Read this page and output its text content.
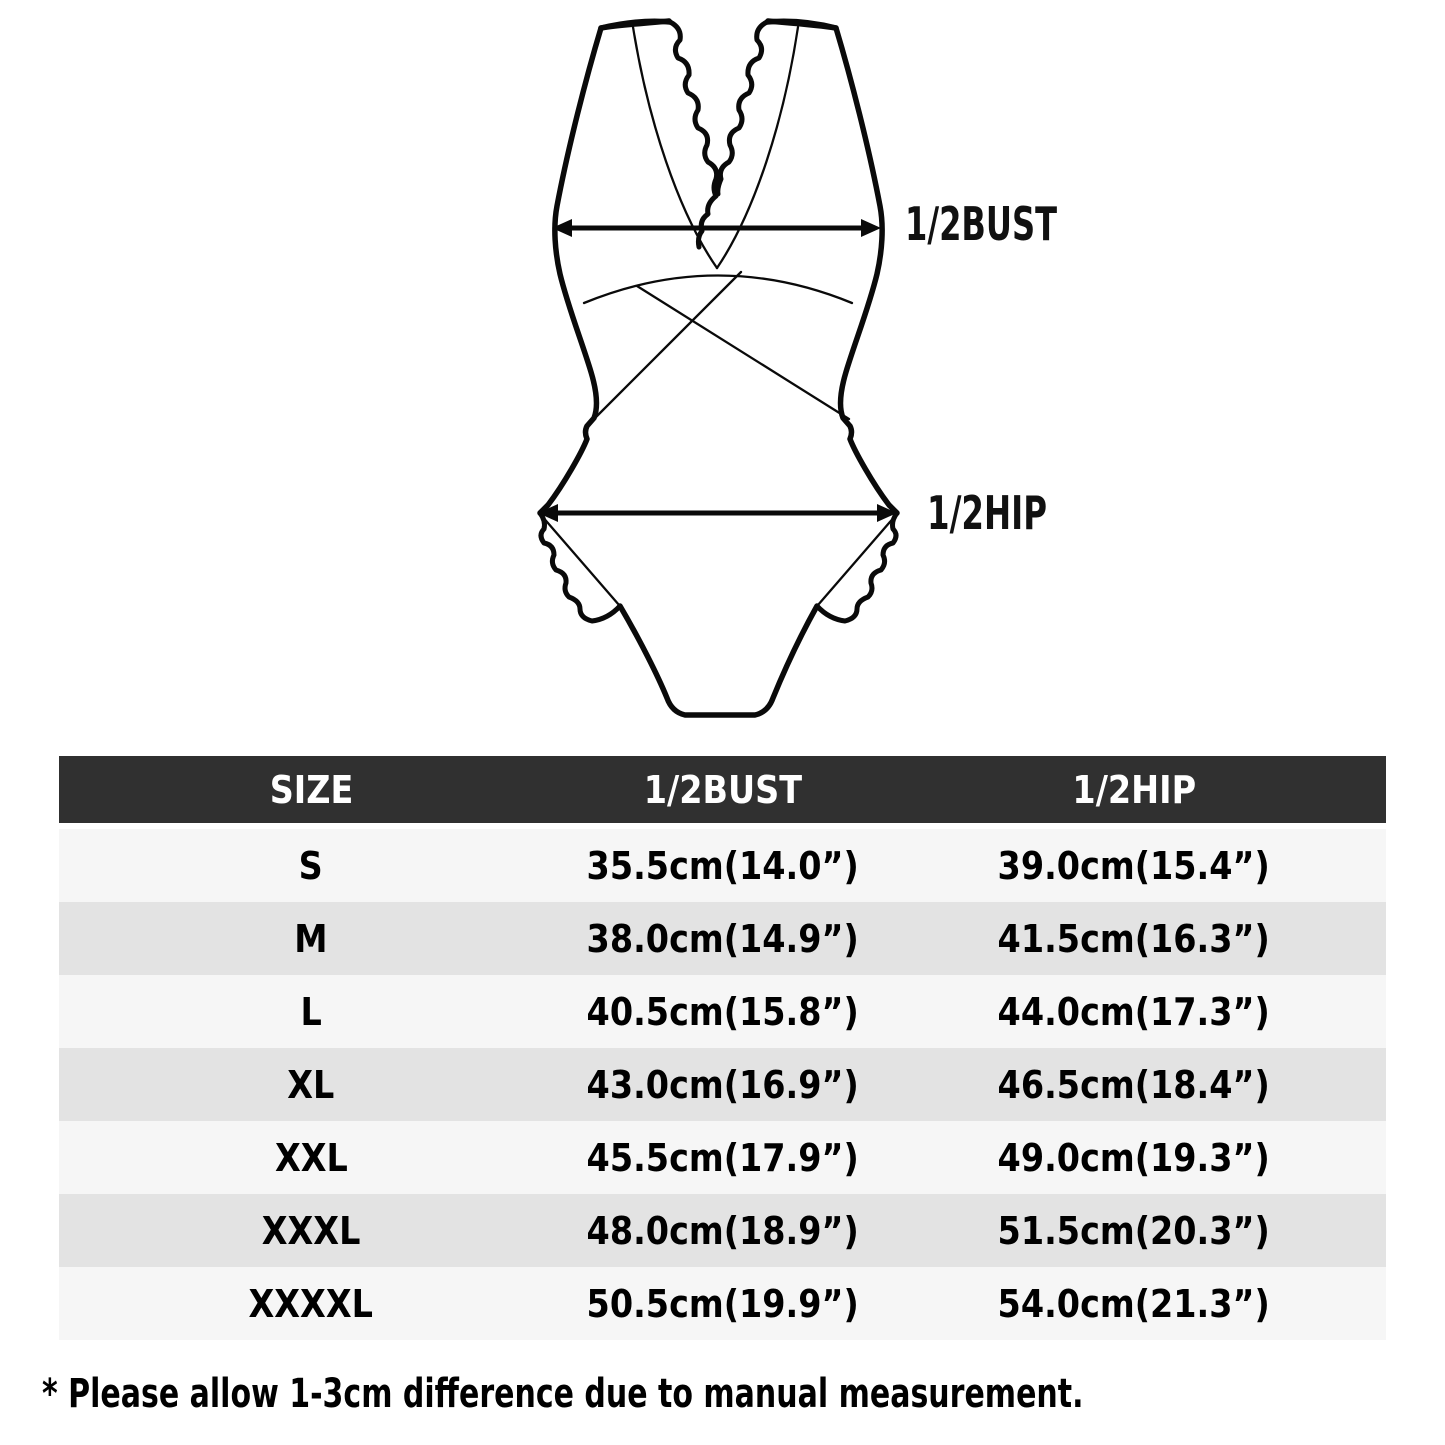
1/2BUST
1/2HIP
SIZE	1/2BUST	1/2HIP
S	35.5cm(14.0”)	39.0cm(15.4”)
M	38.0cm(14.9”)	41.5cm(16.3”)
L	40.5cm(15.8”)	44.0cm(17.3”)
XL	43.0cm(16.9”)	46.5cm(18.4”)
XXL	45.5cm(17.9”)	49.0cm(19.3”)
XXXL	48.0cm(18.9”)	51.5cm(20.3”)
XXXXL	50.5cm(19.9”)	54.0cm(21.3”)
* Please allow 1-3cm difference due to manual measurement.
